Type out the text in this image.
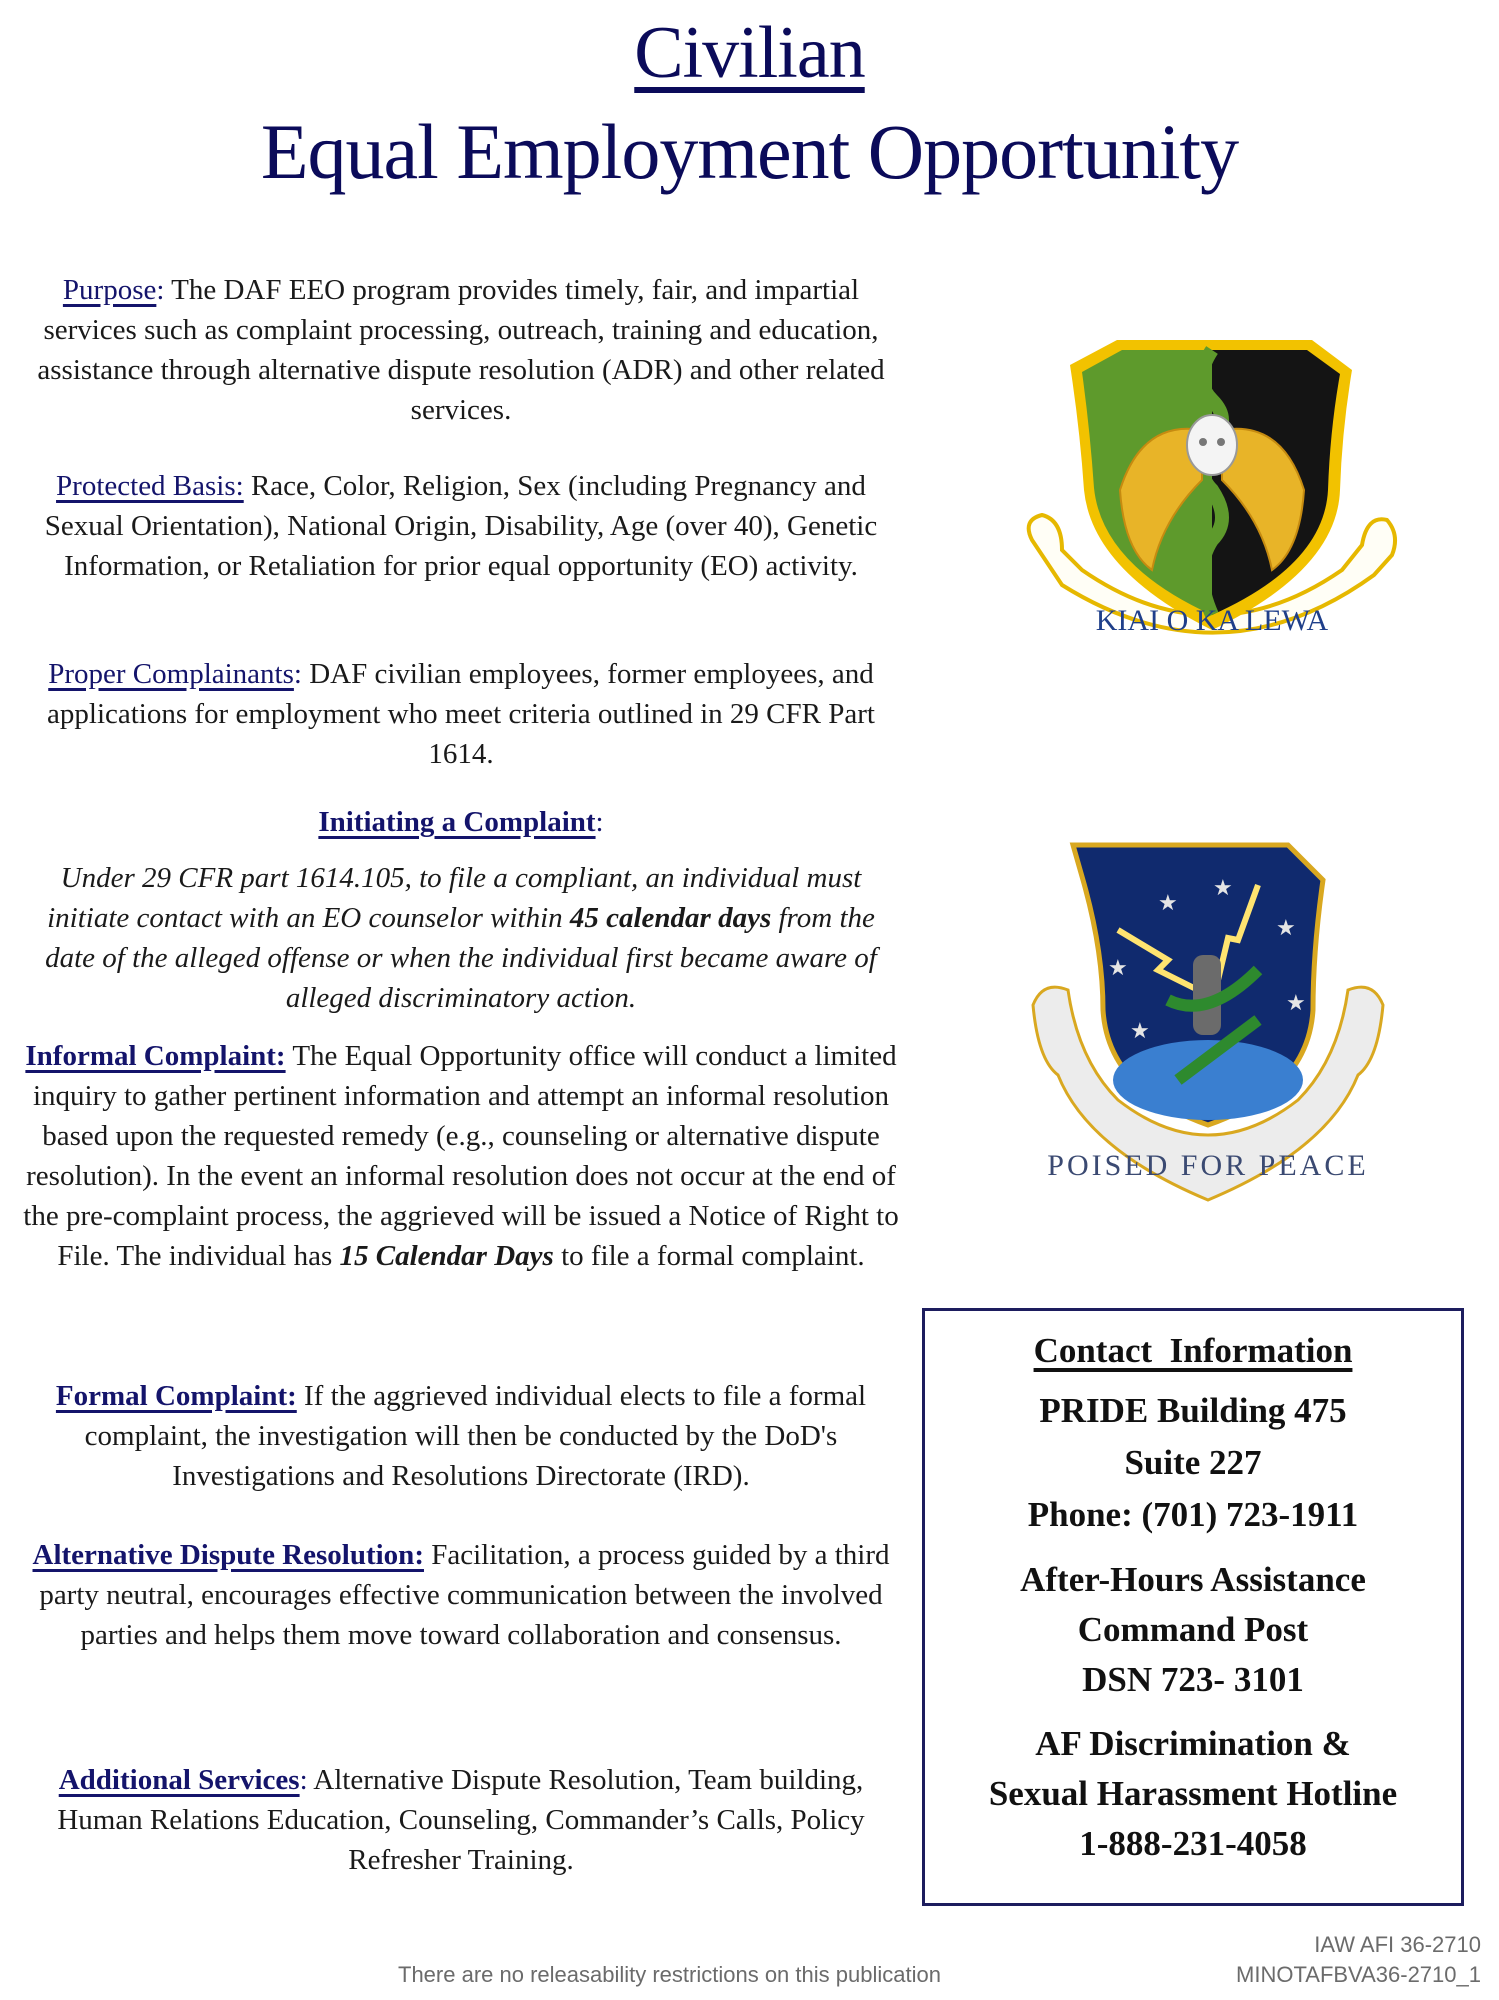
Civilian
Equal Employment Opportunity
Purpose: The DAF EEO program provides timely, fair, and impartial services such as complaint processing, outreach, training and education, assistance through alternative dispute resolution (ADR) and other related services.
Protected Basis: Race, Color, Religion, Sex (including Pregnancy and Sexual Orientation), National Origin, Disability, Age (over 40), Genetic Information, or Retaliation for prior equal opportunity (EO) activity.
Proper Complainants: DAF civilian employees, former employees, and applications for employment who meet criteria outlined in 29 CFR Part 1614.
Initiating a Complaint:
Under 29 CFR part 1614.105, to file a compliant, an individual must initiate contact with an EO counselor within 45 calendar days from the date of the alleged offense or when the individual first became aware of alleged discriminatory action.
Informal Complaint: The Equal Opportunity office will conduct a limited inquiry to gather pertinent information and attempt an informal resolution based upon the requested remedy (e.g., counseling or alternative dispute resolution). In the event an informal resolution does not occur at the end of the pre-complaint process, the aggrieved will be issued a Notice of Right to File. The individual has 15 Calendar Days to file a formal complaint.
Formal Complaint: If the aggrieved individual elects to file a formal complaint, the investigation will then be conducted by the DoD's Investigations and Resolutions Directorate (IRD).
Alternative Dispute Resolution: Facilitation, a process guided by a third party neutral, encourages effective communication between the involved parties and helps them move toward collaboration and consensus.
Additional Services: Alternative Dispute Resolution, Team building, Human Relations Education, Counseling, Commander’s Calls, Policy Refresher Training.
KIAI O KA LEWA
★
★
★
★
★
★
POISED FOR PEACE
Contact  Information
PRIDE Building 475
Suite 227
Phone: (701) 723-1911
After-Hours Assistance
Command Post
DSN 723- 3101
AF Discrimination &
Sexual Harassment Hotline
1-888-231-4058
There are no releasability restrictions on this publication
IAW AFI 36-2710
MINOTAFBVA36-2710_1
